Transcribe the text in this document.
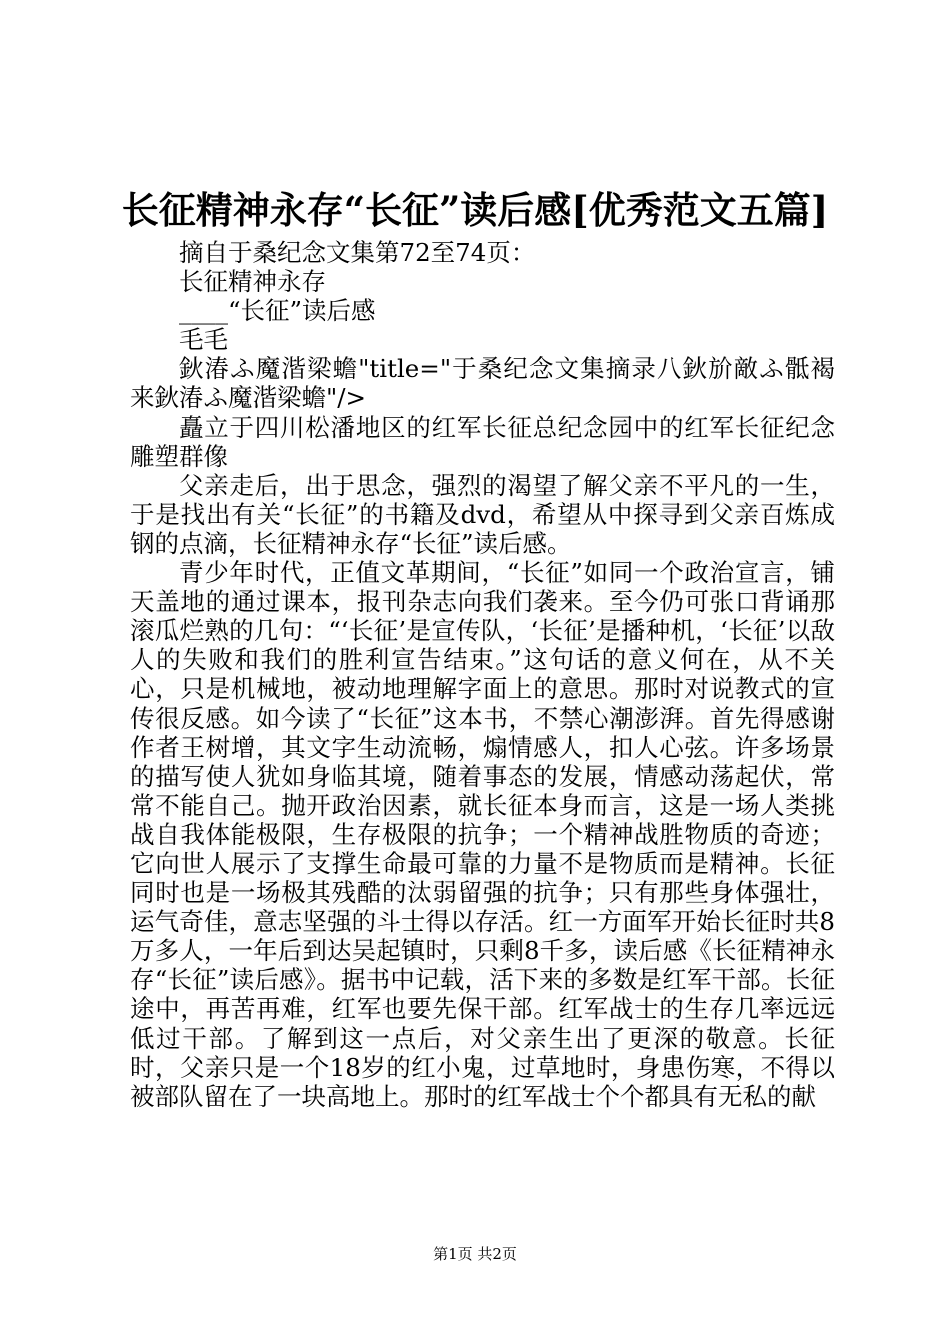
长征精神永存“长征”读后感[优秀范文五篇]

摘自于桑纪念文集第72至74页：

长征精神永存

____“长征”读后感

毛毛

鈥湷ふ魔湝梁蟾"title="于桑纪念文集摘录八鈥斺敵ふ骶褐来鈥湷ふ魔湝梁蟾"/>

矗立于四川松潘地区的红军长征总纪念园中的红军长征纪念雕塑群像

父亲走后，出于思念，强烈的渴望了解父亲不平凡的一生，于是找出有关“长征”的书籍及dvd，希望从中探寻到父亲百炼成钢的点滴，长征精神永存“长征”读后感。

青少年时代，正值文革期间，“长征”如同一个政治宣言，铺天盖地的通过课本，报刊杂志向我们袭来。至今仍可张口背诵那滚瓜烂熟的几句：“‘长征’是宣传队，‘长征’是播种机，‘长征’以敌人的失败和我们的胜利宣告结束。”这句话的意义何在，从不关心，只是机械地，被动地理解字面上的意思。那时对说教式的宣传很反感。如今读了“长征”这本书，不禁心潮澎湃。首先得感谢作者王树增，其文字生动流畅，煽情感人，扣人心弦。许多场景的描写使人犹如身临其境，随着事态的发展，情感动荡起伏，常常不能自己。抛开政治因素，就长征本身而言，这是一场人类挑战自我体能极限，生存极限的抗争；一个精神战胜物质的奇迹；它向世人展示了支撑生命最可靠的力量不是物质而是精神。长征同时也是一场极其残酷的汰弱留强的抗争；只有那些身体强壮，运气奇佳，意志坚强的斗士得以存活。红一方面军开始长征时共8万多人，一年后到达吴起镇时，只剩8千多，读后感《长征精神永存“长征”读后感》。据书中记载，活下来的多数是红军干部。长征途中，再苦再难，红军也要先保干部。红军战士的生存几率远远低过干部。了解到这一点后，对父亲生出了更深的敬意。长征时，父亲只是一个18岁的红小鬼，过草地时，身患伤寒，不得以被部队留在了一块高地上。那时的红军战士个个都具有无私的献

第1页 共2页
